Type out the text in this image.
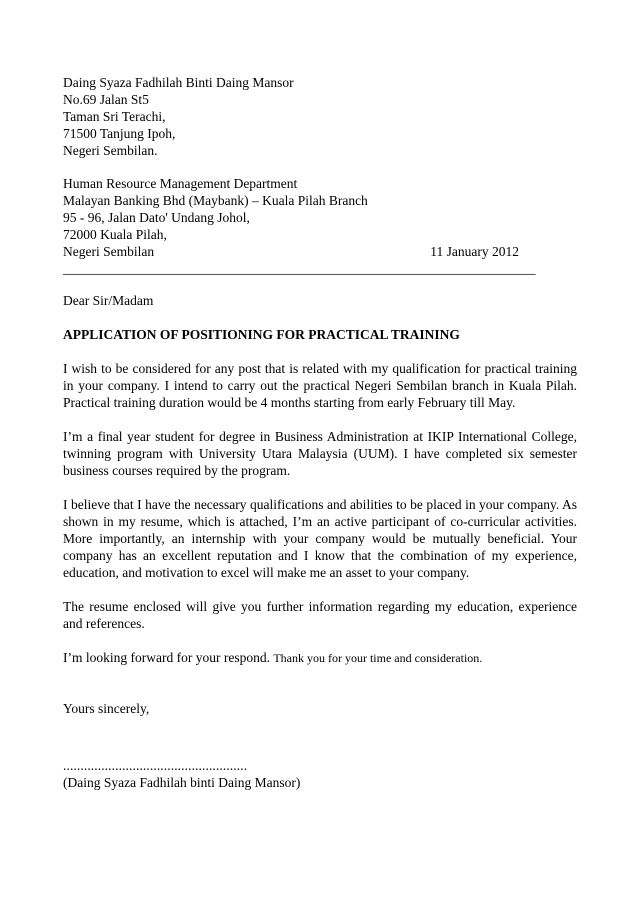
Daing Syaza Fadhilah Binti Daing Mansor
No.69 Jalan St5
Taman Sri Terachi,
71500 Tanjung Ipoh,
Negeri Sembilan.
Human Resource Management Department
Malayan Banking Bhd (Maybank) – Kuala Pilah Branch
95 - 96, Jalan Dato' Undang Johol,
72000 Kuala Pilah,
Negeri Sembilan	11 January 2012
______________________________________________________________________
Dear Sir/Madam
APPLICATION OF POSITIONING FOR PRACTICAL TRAINING

I wish to be considered for any post that is related with my qualification for practical training in your company. I intend to carry out the practical Negeri Sembilan branch in Kuala Pilah. Practical training duration would be 4 months starting from early February till May.

I’m a final year student for degree in Business Administration at IKIP International College, twinning program with University Utara Malaysia (UUM). I have completed six semester business courses required by the program.

I believe that I have the necessary qualifications and abilities to be placed in your company. As shown in my resume, which is attached, I’m an active participant of co-curricular activities. More importantly, an internship with your company would be mutually beneficial. Your company has an excellent reputation and I know that the combination of my experience, education, and motivation to excel will make me an asset to your company.

The resume enclosed will give you further information regarding my education, experience and references.

I’m looking forward for your respond. Thank you for your time and consideration.

Yours sincerely,
.....................................................
(Daing Syaza Fadhilah binti Daing Mansor)
